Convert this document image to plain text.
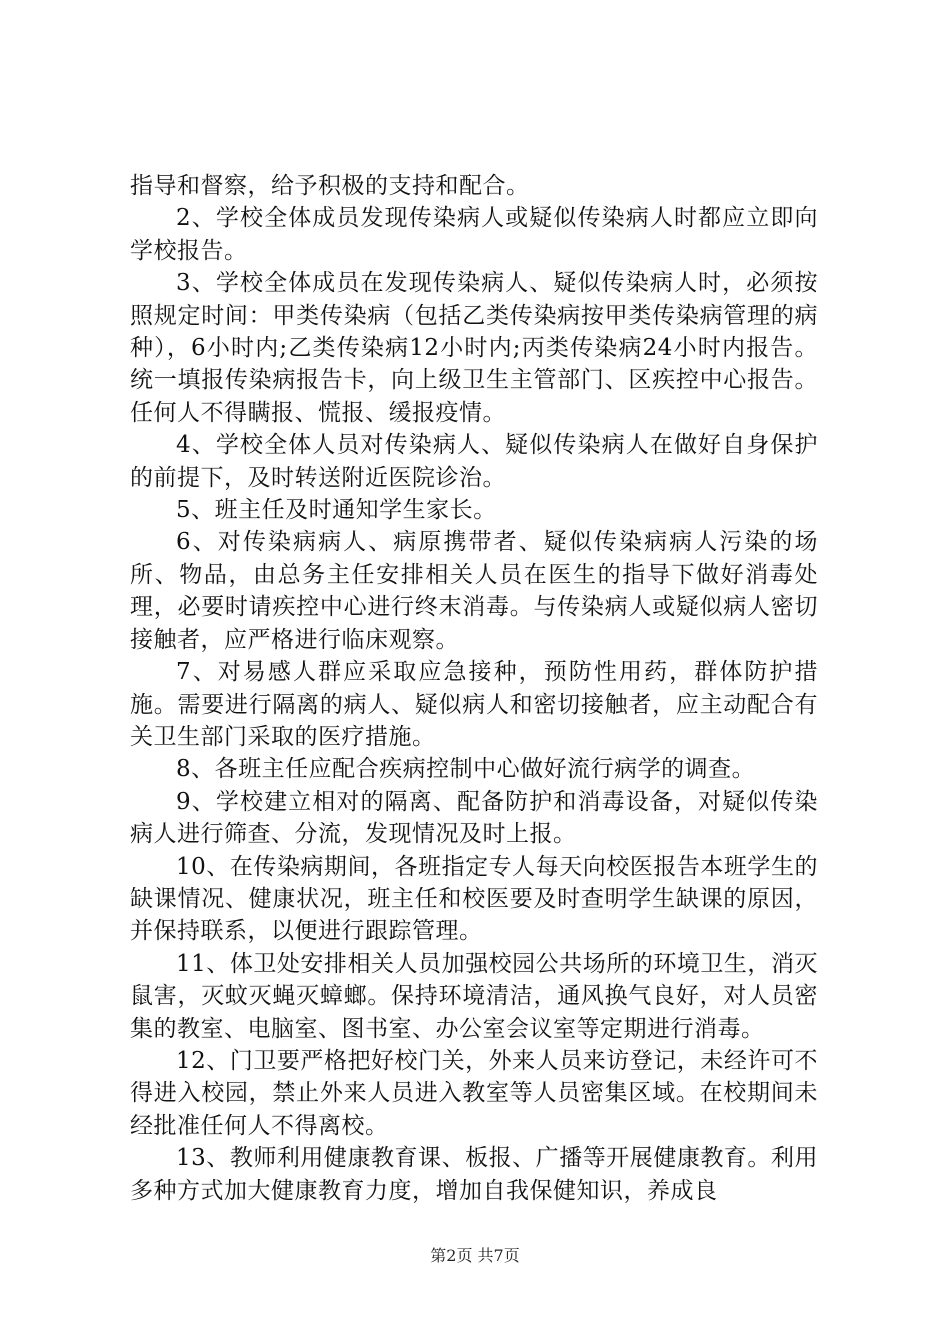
指导和督察，给予积极的支持和配合。

2、学校全体成员发现传染病人或疑似传染病人时都应立即向学校报告。

3、学校全体成员在发现传染病人、疑似传染病人时，必须按照规定时间：甲类传染病（包括乙类传染病按甲类传染病管理的病种），6小时内;乙类传染病12小时内;丙类传染病24小时内报告。统一填报传染病报告卡，向上级卫生主管部门、区疾控中心报告。任何人不得瞒报、慌报、缓报疫情。

4、学校全体人员对传染病人、疑似传染病人在做好自身保护的前提下，及时转送附近医院诊治。

5、班主任及时通知学生家长。

6、对传染病病人、病原携带者、疑似传染病病人污染的场所、物品，由总务主任安排相关人员在医生的指导下做好消毒处理，必要时请疾控中心进行终末消毒。与传染病人或疑似病人密切接触者，应严格进行临床观察。

7、对易感人群应采取应急接种，预防性用药，群体防护措施。需要进行隔离的病人、疑似病人和密切接触者，应主动配合有关卫生部门采取的医疗措施。

8、各班主任应配合疾病控制中心做好流行病学的调查。

9、学校建立相对的隔离、配备防护和消毒设备，对疑似传染病人进行筛查、分流，发现情况及时上报。

10、在传染病期间，各班指定专人每天向校医报告本班学生的缺课情况、健康状况，班主任和校医要及时查明学生缺课的原因，并保持联系，以便进行跟踪管理。

11、体卫处安排相关人员加强校园公共场所的环境卫生，消灭鼠害，灭蚊灭蝇灭蟑螂。保持环境清洁，通风换气良好，对人员密集的教室、电脑室、图书室、办公室会议室等定期进行消毒。

12、门卫要严格把好校门关，外来人员来访登记，未经许可不得进入校园，禁止外来人员进入教室等人员密集区域。在校期间未经批准任何人不得离校。

13、教师利用健康教育课、板报、广播等开展健康教育。利用多种方式加大健康教育力度，增加自我保健知识，养成良

第2页 共7页
